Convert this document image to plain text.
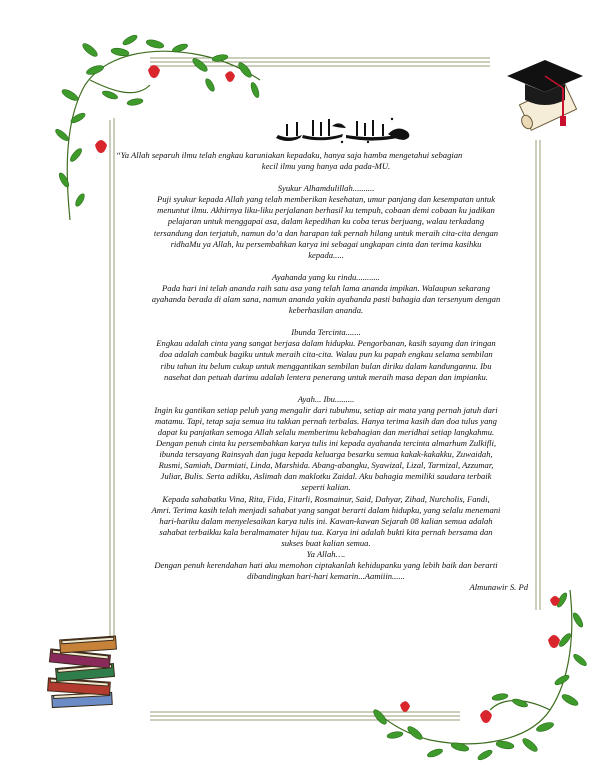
“Ya Allah separuh ilmu telah engkau karuniakan kepadaku, hanya saja hamba mengetahui sebagian

kecil ilmu yang hanya ada pada-MU.

Syukur Alhamdulillah..........

Puji syukur kepada Allah yang telah memberikan kesehatan, umur panjang dan kesempatan untuk

menuntut ilmu. Akhirnya liku-liku perjalanan berhasil ku tempuh, cobaan demi cobaan ku jadikan

pelajaran untuk menggapai asa, dalam kepedihan ku coba terus berjuang, walau terkadang

tersandung dan terjatuh, namun do’a dan harapan tak pernah hilang untuk meraih cita-cita dengan

ridhaMu ya Allah, ku persembahkan karya ini sebagai ungkapan cinta dan terima kasihku

kepada.....

Ayahanda yang ku rindu...........

Pada hari ini telah ananda raih satu asa yang telah lama ananda impikan. Walaupun sekarang

ayahanda berada di alam sana, namun ananda yakin ayahanda pasti bahagia dan tersenyum dengan

keberhasilan ananda.

Ibunda Tercinta.......

Engkau adalah cinta yang sangat berjasa dalam hidupku. Pengorbanan, kasih sayang dan iringan

doa adalah cambuk bagiku untuk meraih cita-cita. Walau pun ku papah engkau selama sembilan

ribu tahun itu belum cukup untuk menggantikan sembilan bulan diriku dalam kandungannu. Ibu

nasehat dan petuah darimu adalah lentera penerang untuk meraih masa depan dan impianku.

Ayah... Ibu.........

Ingin ku gantikan setiap peluh yang mengalir dari tubuhmu, setiap air mata yang pernah jatuh dari

matamu. Tapi, tetap saja semua itu takkan pernah terbalas. Hanya terima kasih dan doa tulus yang

dapat ku panjatkan semoga Allah selalu memberimu kebahagian dan meridhai setiap langkahmu.

Dengan penuh cinta ku persembahkan karya tulis ini kepada ayahanda tercinta almarhum Zulkifli,

ibunda tersayang Rainsyah dan juga kepada keluarga besarku semua kakak-kakakku, Zuwaidah,

Rusmi, Samiah, Darmiati, Linda, Marshida. Abang-abangku, Syawizal, Lizal, Tarmizal, Azzumar,

Juliar, Bulis. Serta adikku, Aslimah dan maklotku Zaidal. Aku bahagia memiliki saudara terbaik

seperti kalian.

Kepada sahabatku Vina, Rita, Fida, Fitarli, Rosmainur, Said, Dahyar, Zihad, Nurcholis, Fandi,

Amri. Terima kasih telah menjadi sahabat yang sangat berarti dalam hidupku, yang selalu menemani

hari-hariku dalam menyelesaikan karya tulis ini. Kawan-kawan Sejarah 08 kalian semua adalah

sahabat terbaikku kala beralmamater hijau tua. Karya ini adalah bukti kita pernah bersama dan

sukses buat kalian semua.

Ya Allah….

Dengan penuh kerendahan hati aku memohon ciptakanlah kehidupanku yang lebih baik dan berarti

dibandingkan hari-hari kemarin...Aamiiin......

Almunawir S. Pd
